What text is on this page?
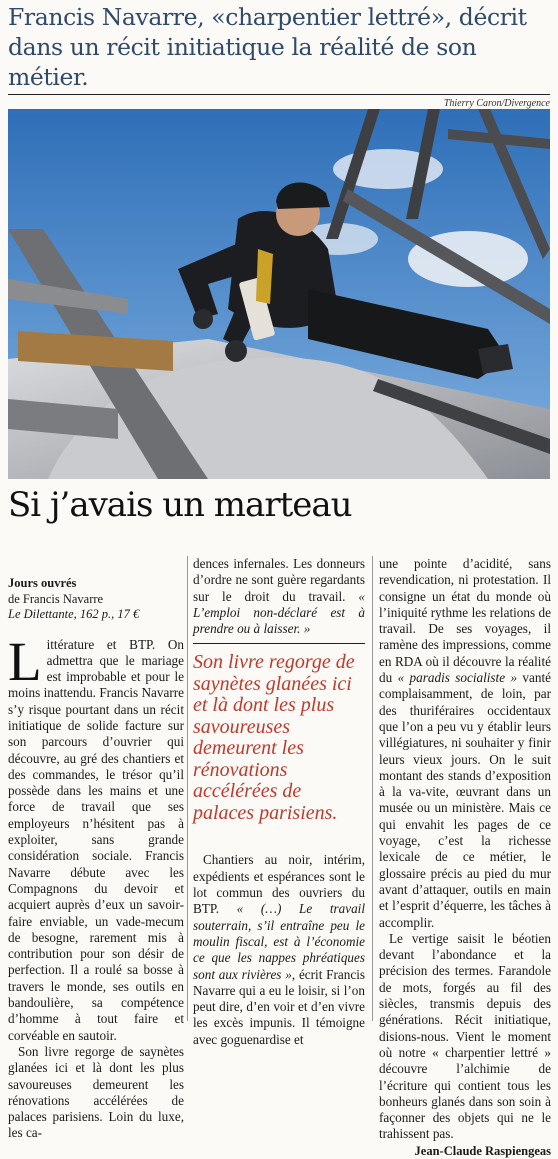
Francis Navarre, «charpentier lettré», décrit dans un récit initiatique la réalité de son métier.
Thierry Caron/Divergence
Si j’avais un marteau
Jours ouvrés
de Francis Navarre
Le Dilettante, 162 p., 17 €

Littérature et BTP. On admettra que le mariage est improbable et pour le moins inattendu. Francis Navarre s’y risque pourtant dans un récit initiatique de solide facture sur son parcours d’ouvrier qui découvre, au gré des chantiers et des commandes, le trésor qu’il possède dans les mains et une force de travail que ses employeurs n’hésitent pas à exploiter, sans grande considération sociale. Francis Navarre débute avec les Compagnons du devoir et acquiert auprès d’eux un savoir-faire enviable, un vade-mecum de besogne, rarement mis à contribution pour son désir de perfection. Il a roulé sa bosse à travers le monde, ses outils en bandoulière, sa compétence d’homme à tout faire et corvéable en sautoir.

Son livre regorge de saynètes glanées ici et là dont les plus savoureuses demeurent les rénovations accélérées de palaces parisiens. Loin du luxe, les ca-

dences infernales. Les donneurs d’ordre ne sont guère regardants sur le droit du travail. « L’emploi non-déclaré est à prendre ou à laisser. »

Son livre regorge de saynètes glanées ici et là dont les plus savoureuses demeurent les rénovations accélérées de palaces parisiens.

Chantiers au noir, intérim, expédients et espérances sont le lot commun des ouvriers du BTP. « (…) Le travail souterrain, s’il entraîne peu le moulin fiscal, est à l’économie ce que les nappes phréatiques sont aux rivières », écrit Francis Navarre qui a eu le loisir, si l’on peut dire, d’en voir et d’en vivre les excès impunis. Il témoigne avec goguenardise et

une pointe d’acidité, sans revendication, ni protestation. Il consigne un état du monde où l’iniquité rythme les relations de travail. De ses voyages, il ramène des impressions, comme en RDA où il découvre la réalité du « paradis socialiste » vanté complaisamment, de loin, par des thuriféraires occidentaux que l’on a peu vu y établir leurs villégiatures, ni souhaiter y finir leurs vieux jours. On le suit montant des stands d’exposition à la va-vite, œuvrant dans un musée ou un ministère. Mais ce qui envahit les pages de ce voyage, c’est la richesse lexicale de ce métier, le glossaire précis au pied du mur avant d’attaquer, outils en main et l’esprit d’équerre, les tâches à accomplir.

Le vertige saisit le béotien devant l’abondance et la précision des termes. Farandole de mots, forgés au fil des siècles, transmis depuis des générations. Récit initiatique, disions-nous. Vient le moment où notre « charpentier lettré » découvre l’alchimie de l’écriture qui contient tous les bonheurs glanés dans son soin à façonner des objets qui ne le trahissent pas.

Jean-Claude Raspiengeas
